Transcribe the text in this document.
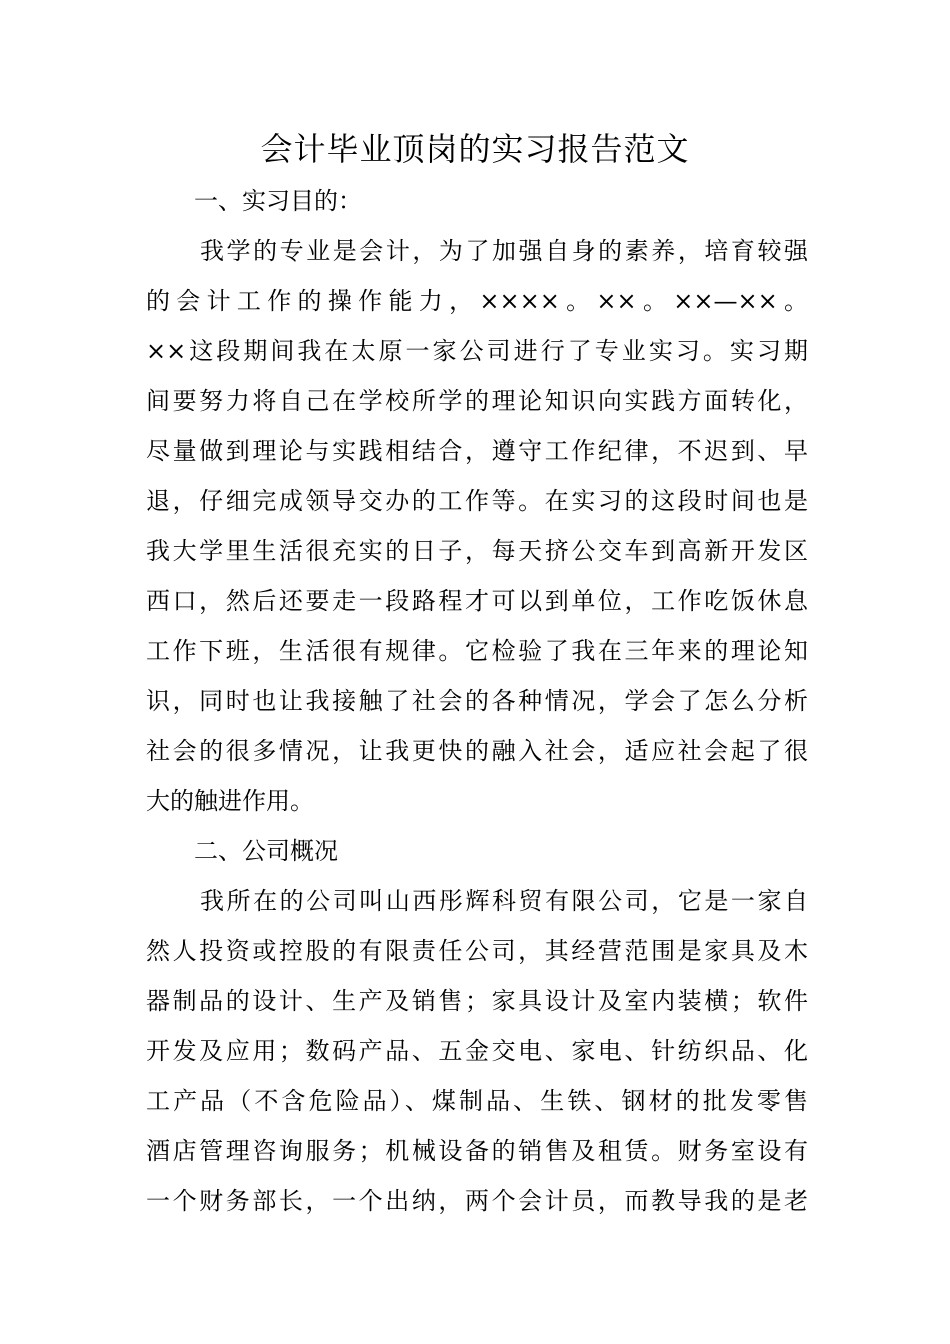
会计毕业顶岗的实习报告范文
一、实习目的：
我学的专业是会计，为了加强自身的素养，培育较强
的会计工作的操作能力，××××。××。××—××。
××这段期间我在太原一家公司进行了专业实习。实习期
间要努力将自己在学校所学的理论知识向实践方面转化，
尽量做到理论与实践相结合，遵守工作纪律，不迟到、早
退，仔细完成领导交办的工作等。在实习的这段时间也是
我大学里生活很充实的日子，每天挤公交车到高新开发区
西口，然后还要走一段路程才可以到单位，工作吃饭休息
工作下班，生活很有规律。它检验了我在三年来的理论知
识，同时也让我接触了社会的各种情况，学会了怎么分析
社会的很多情况，让我更快的融入社会，适应社会起了很
大的触进作用。
二、公司概况
我所在的公司叫山西彤辉科贸有限公司，它是一家自
然人投资或控股的有限责任公司，其经营范围是家具及木
器制品的设计、生产及销售；家具设计及室内装横；软件
开发及应用；数码产品、五金交电、家电、针纺织品、化
工产品（不含危险品）、煤制品、生铁、钢材的批发零售
酒店管理咨询服务；机械设备的销售及租赁。财务室设有
一个财务部长，一个出纳，两个会计员，而教导我的是老
